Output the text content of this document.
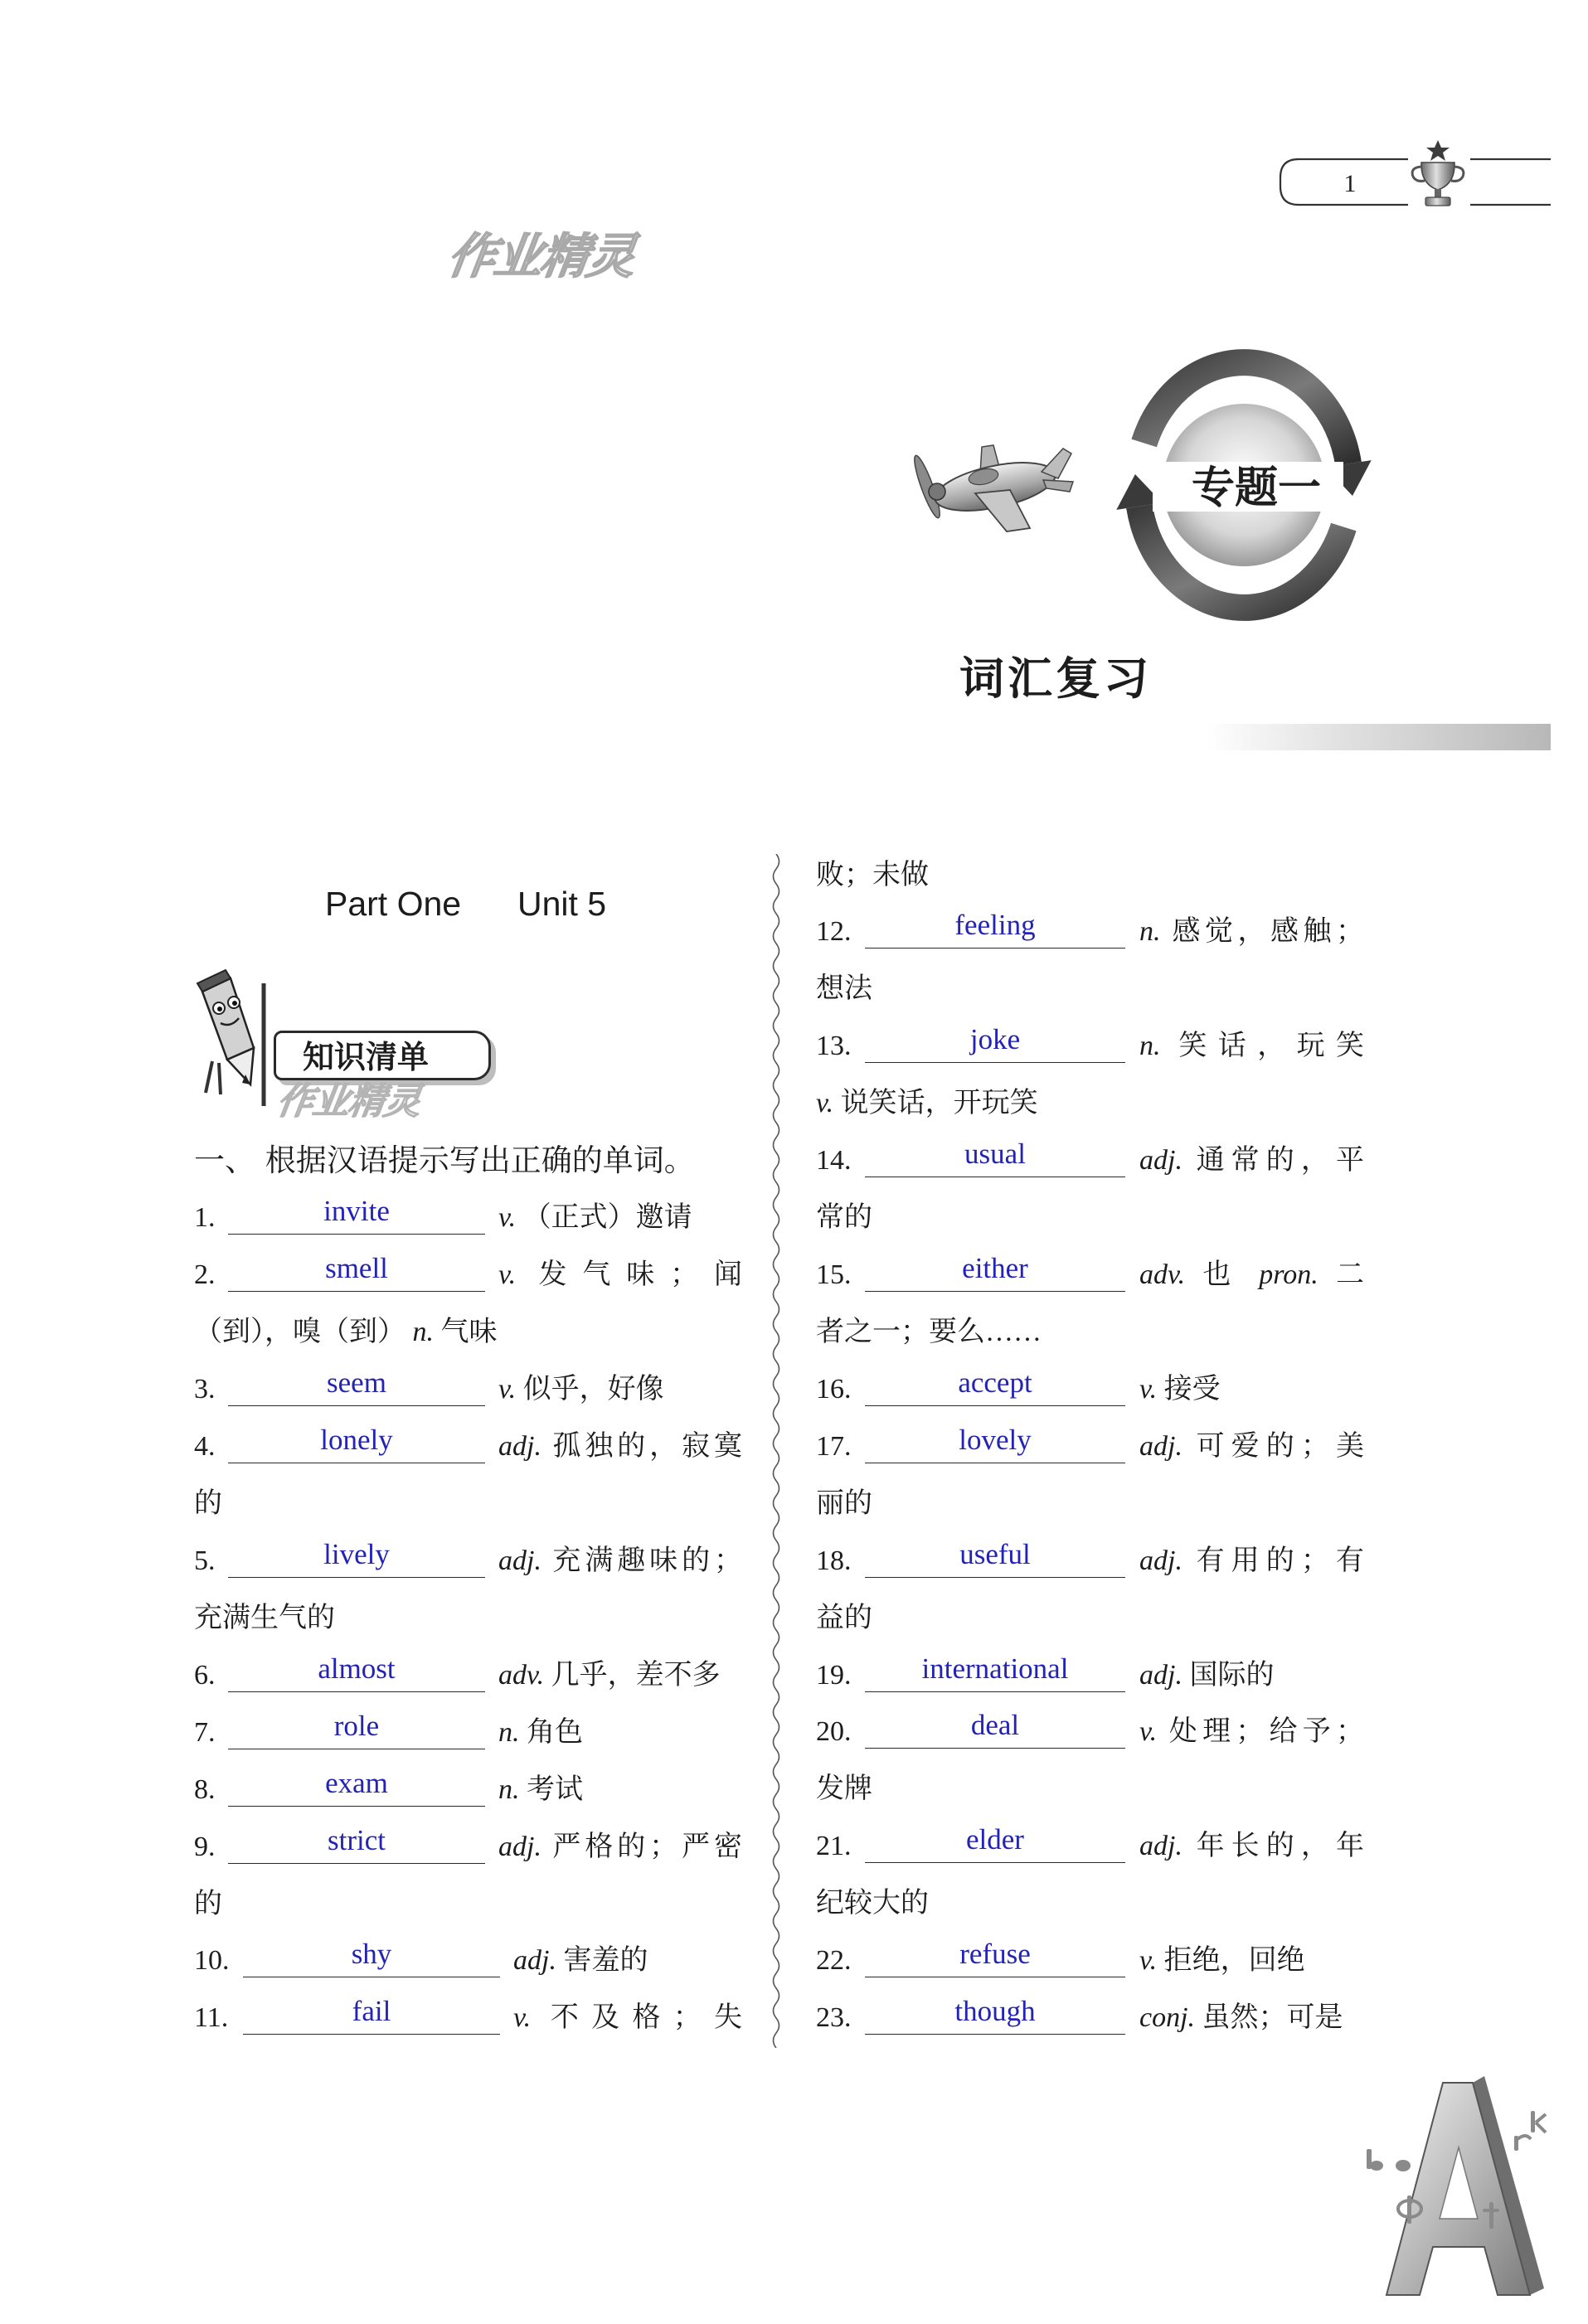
1
作业精灵
专题一
词汇复习
Part One Unit 5
知识清单
作业精灵
一、 根据汉语提示写出正确的单词。
1.	invite	v. （正式）邀请
2.	smell	v. 发气味；闻
（到），嗅（到） n. 气味
3.	seem	v. 似乎，好像
4.	lonely	adj. 孤独的，寂寞
的
5.	lively	adj. 充满趣味的；
充满生气的
6.	almost	adv. 几乎，差不多
7.	role	n. 角色
8.	exam	n. 考试
9.	strict	adj. 严格的；严密
的
10.	shy	adj. 害羞的
11.	fail	v. 不及格；失
败；未做
12.	feeling	n. 感觉，感触；
想法
13.	joke	n. 笑话，玩笑
v. 说笑话，开玩笑
14.	usual	adj. 通常的，平
常的
15.	either	adv. 也 pron. 二
者之一；要么……
16.	accept	v. 接受
17.	lovely	adj. 可爱的；美
丽的
18.	useful	adj. 有用的；有
益的
19.	international	adj. 国际的
20.	deal	v. 处理；给予；
发牌
21.	elder	adj. 年长的，年
纪较大的
22.	refuse	v. 拒绝，回绝
23.	though	conj. 虽然；可是
